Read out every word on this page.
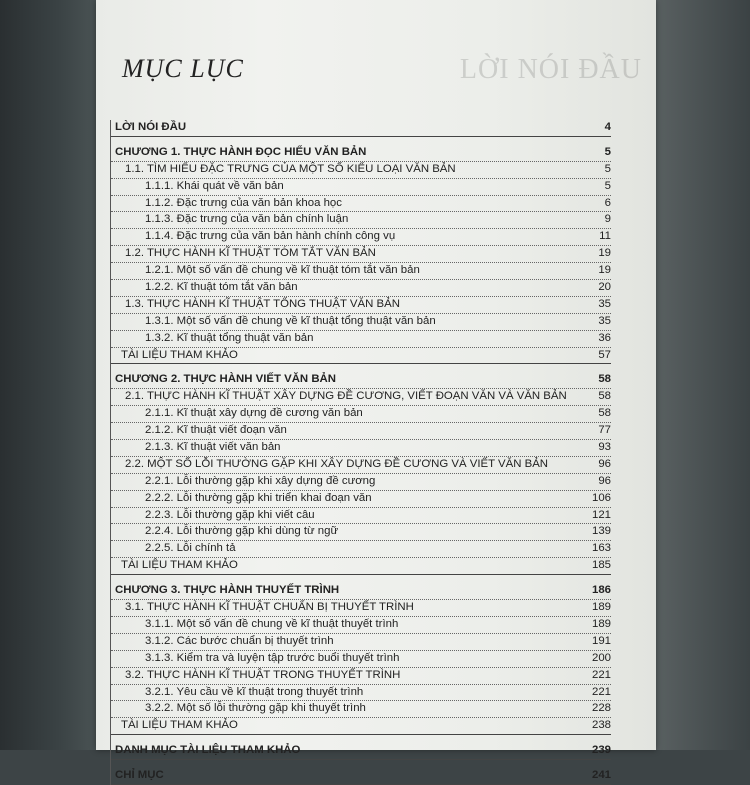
LỜI NÓI ĐẦU
MỤC LỤC
LỜI NÓI ĐẦU	4
CHƯƠNG 1. THỰC HÀNH ĐỌC HIỂU VĂN BẢN	5
1.1. TÌM HIỂU ĐẶC TRƯNG CỦA MỘT SỐ KIỂU LOẠI VĂN BẢN	5
1.1.1. Khái quát về văn bản	5
1.1.2. Đặc trưng của văn bản khoa học	6
1.1.3. Đặc trưng của văn bản chính luận	9
1.1.4. Đặc trưng của văn bản hành chính công vụ	11
1.2. THỰC HÀNH KĨ THUẬT TÓM TẮT VĂN BẢN	19
1.2.1. Một số vấn đề chung về kĩ thuật tóm tắt văn bản	19
1.2.2. Kĩ thuật tóm tắt văn bản	20
1.3. THỰC HÀNH KĨ THUẬT TỔNG THUẬT VĂN BẢN	35
1.3.1. Một số vấn đề chung về kĩ thuật tổng thuật văn bản	35
1.3.2. Kĩ thuật tổng thuật văn bản	36
TÀI LIỆU THAM KHẢO	57
CHƯƠNG 2. THỰC HÀNH VIẾT VĂN BẢN	58
2.1. THỰC HÀNH KĨ THUẬT XÂY DỰNG ĐỀ CƯƠNG, VIẾT ĐOẠN VĂN VÀ VĂN BẢN	58
2.1.1. Kĩ thuật xây dựng đề cương văn bản	58
2.1.2. Kĩ thuật viết đoạn văn	77
2.1.3. Kĩ thuật viết văn bản	93
2.2. MỘT SỐ LỖI THƯỜNG GẶP KHI XÂY DỰNG ĐỀ CƯƠNG VÀ VIẾT VĂN BẢN	96
2.2.1. Lỗi thường gặp khi xây dựng đề cương	96
2.2.2. Lỗi thường gặp khi triển khai đoạn văn	106
2.2.3. Lỗi thường gặp khi viết câu	121
2.2.4. Lỗi thường gặp khi dùng từ ngữ	139
2.2.5. Lỗi chính tả	163
TÀI LIỆU THAM KHẢO	185
CHƯƠNG 3. THỰC HÀNH THUYẾT TRÌNH	186
3.1. THỰC HÀNH KĨ THUẬT CHUẨN BỊ THUYẾT TRÌNH	189
3.1.1. Một số vấn đề chung về kĩ thuật thuyết trình	189
3.1.2. Các bước chuẩn bị thuyết trình	191
3.1.3. Kiểm tra và luyện tập trước buổi thuyết trình	200
3.2. THỰC HÀNH KĨ THUẬT TRONG THUYẾT TRÌNH	221
3.2.1. Yêu cầu về kĩ thuật trong thuyết trình	221
3.2.2. Một số lỗi thường gặp khi thuyết trình	228
TÀI LIỆU THAM KHẢO	238
DANH MỤC TÀI LIỆU THAM KHẢO	239
CHỈ MỤC	241
